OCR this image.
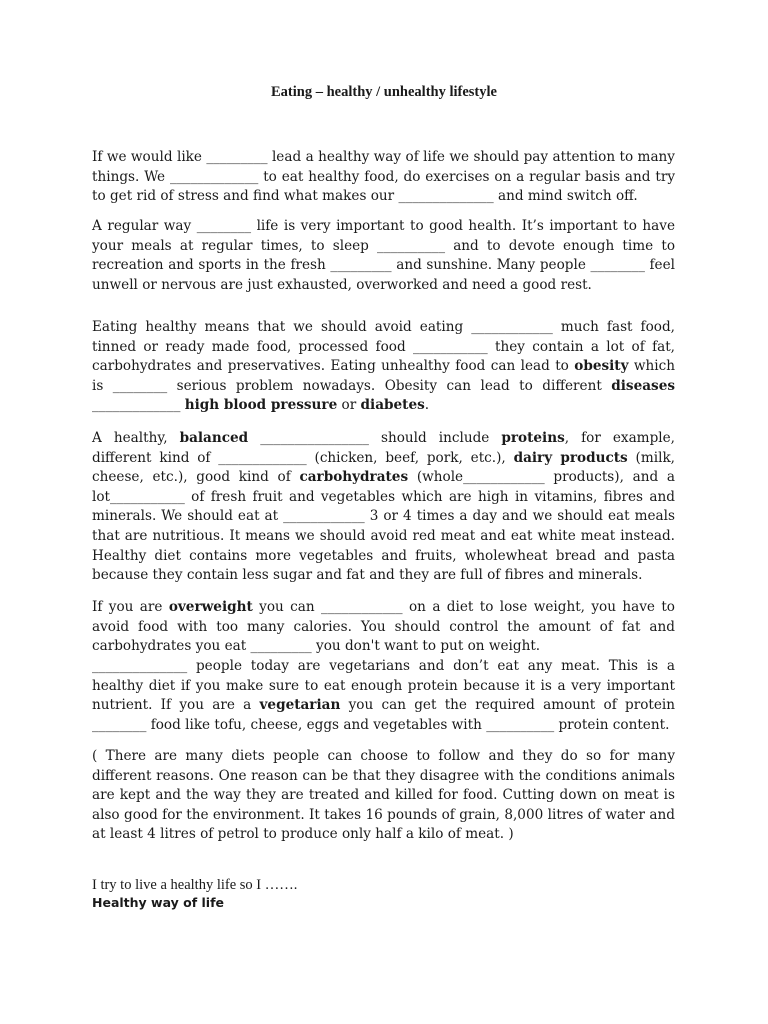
Eating – healthy / unhealthy lifestyle

If we would like _________ lead a healthy way of life we should pay attention to many things. We _____________ to eat healthy food, do exercises on a regular basis and try to get rid of stress and find what makes our ______________ and mind switch off.

A regular way ________ life is very important to good health. It’s important to have your meals at regular times, to sleep __________ and to devote enough time to recreation and sports in the fresh _________ and sunshine. Many people ________ feel unwell or nervous are just exhausted, overworked and need a good rest.

Eating healthy means that we should avoid eating ____________ much fast food, tinned or ready made food, processed food ___________ they contain a lot of fat, carbohydrates and preservatives. Eating unhealthy food can lead to obesity which is ________ serious problem nowadays. Obesity can lead to different diseases _____________ high blood pressure or diabetes.

A healthy, balanced ________________ should include proteins, for example, different kind of _____________ (chicken, beef, pork, etc.), dairy products (milk, cheese, etc.), good kind of carbohydrates (whole____________ products), and a lot___________ of fresh fruit and vegetables which are high in vitamins, fibres and minerals. We should eat at ____________ 3 or 4 times a day and we should eat meals that are nutritious. It means we should avoid red meat and eat white meat instead. Healthy diet contains more vegetables and fruits, wholewheat bread and pasta because they contain less sugar and fat and they are full of fibres and minerals.

If you are overweight you can ____________ on a diet to lose weight, you have to avoid food with too many calories. You should control the amount of fat and carbohydrates you eat _________ you don't want to put on weight.

______________ people today are vegetarians and don’t eat any meat. This is a healthy diet if you make sure to eat enough protein because it is a very important nutrient. If you are a vegetarian you can get the required amount of protein ________ food like tofu, cheese, eggs and vegetables with __________ protein content.

( There are many diets people can choose to follow and they do so for many different reasons. One reason can be that they disagree with the conditions animals are kept and the way they are treated and killed for food. Cutting down on meat is also good for the environment. It takes 16 pounds of grain, 8,000 litres of water and at least 4 litres of petrol to produce only half a kilo of meat. )

I try to live a healthy life so I …….
Healthy way of life
